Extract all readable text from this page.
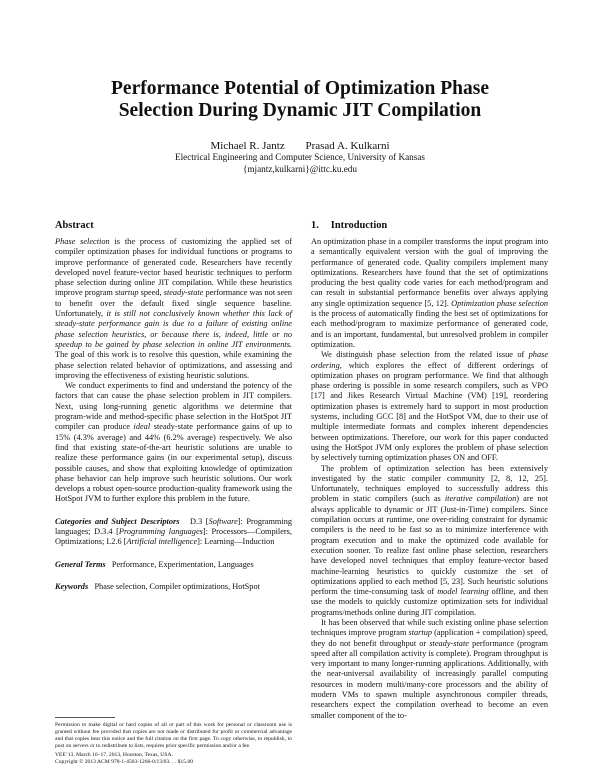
Performance Potential of Optimization Phase
Selection During Dynamic JIT Compilation
Michael R. Jantz Prasad A. Kulkarni
Electrical Engineering and Computer Science, University of Kansas
{mjantz,kulkarni}@ittc.ku.edu
Abstract

Phase selection is the process of customizing the applied set of compiler optimization phases for individual functions or programs to improve performance of generated code. Researchers have recently developed novel feature-vector based heuristic techniques to perform phase selection during online JIT compilation. While these heuristics improve program startup speed, steady-state performance was not seen to benefit over the default fixed single sequence baseline. Unfortunately, it is still not conclusively known whether this lack of steady-state performance gain is due to a failure of existing online phase selection heuristics, or because there is, indeed, little or no speedup to be gained by phase selection in online JIT environments. The goal of this work is to resolve this question, while examining the phase selection related behavior of optimizations, and assessing and improving the effectiveness of existing heuristic solutions.

We conduct experiments to find and understand the potency of the factors that can cause the phase selection problem in JIT compilers. Next, using long-running genetic algorithms we determine that program-wide and method-specific phase selection in the HotSpot JIT compiler can produce ideal steady-state performance gains of up to 15% (4.3% average) and 44% (6.2% average) respectively. We also find that existing state-of-the-art heuristic solutions are unable to realize these performance gains (in our experimental setup), discuss possible causes, and show that exploiting knowledge of optimization phase behavior can help improve such heuristic solutions. Our work develops a robust open-source production-quality framework using the HotSpot JVM to further explore this problem in the future.

Categories and Subject Descriptors D.3 [Software]: Programming languages; D.3.4 [Programming languages]: Processors—Compilers, Optimizations; I.2.6 [Artificial intelligence]: Learning—Induction

General Terms Performance, Experimentation, Languages

Keywords Phase selection, Compiler optimizations, HotSpot

Permission to make digital or hard copies of all or part of this work for personal or classroom use is granted without fee provided that copies are not made or distributed for profit or commercial advantage and that copies bear this notice and the full citation on the first page. To copy otherwise, to republish, to post on servers or to redistribute to lists, requires prior specific permission and/or a fee.

VEE’13, March 16–17, 2013, Houston, Texas, USA.

Copyright © 2013 ACM 978-1-4503-1266-0/13/03. . . $15.00

1. Introduction

An optimization phase in a compiler transforms the input program into a semantically equivalent version with the goal of improving the performance of generated code. Quality compilers implement many optimizations. Researchers have found that the set of optimizations producing the best quality code varies for each method/program and can result in substantial performance benefits over always applying any single optimization sequence [5, 12]. Optimization phase selection is the process of automatically finding the best set of optimizations for each method/program to maximize performance of generated code, and is an important, fundamental, but unresolved problem in compiler optimization.

We distinguish phase selection from the related issue of phase ordering, which explores the effect of different orderings of optimization phases on program performance. We find that although phase ordering is possible in some research compilers, such as VPO [17] and Jikes Research Virtual Machine (VM) [19], reordering optimization phases is extremely hard to support in most production systems, including GCC [8] and the HotSpot VM, due to their use of multiple intermediate formats and complex inherent dependencies between optimizations. Therefore, our work for this paper conducted using the HotSpot JVM only explores the problem of phase selection by selectively turning optimization phases ON and OFF.

The problem of optimization selection has been extensively investigated by the static compiler community [2, 8, 12, 25]. Unfortunately, techniques employed to successfully address this problem in static compilers (such as iterative compilation) are not always applicable to dynamic or JIT (Just-in-Time) compilers. Since compilation occurs at runtime, one over-riding constraint for dynamic compilers is the need to be fast so as to minimize interference with program execution and to make the optimized code available for execution sooner. To realize fast online phase selection, researchers have developed novel techniques that employ feature-vector based machine-learning heuristics to quickly customize the set of optimizations applied to each method [5, 23]. Such heuristic solutions perform the time-consuming task of model learning offline, and then use the models to quickly customize optimization sets for individual programs/methods online during JIT compilation.

It has been observed that while such existing online phase selection techniques improve program startup (application + compilation) speed, they do not benefit throughput or steady-state performance (program speed after all compilation activity is complete). Program throughput is very important to many longer-running applications. Additionally, with the near-universal availability of increasingly parallel computing resources in modern multi/many-core processors and the ability of modern VMs to spawn multiple asynchronous compiler threads, researchers expect the compilation overhead to become an even smaller component of the to-
